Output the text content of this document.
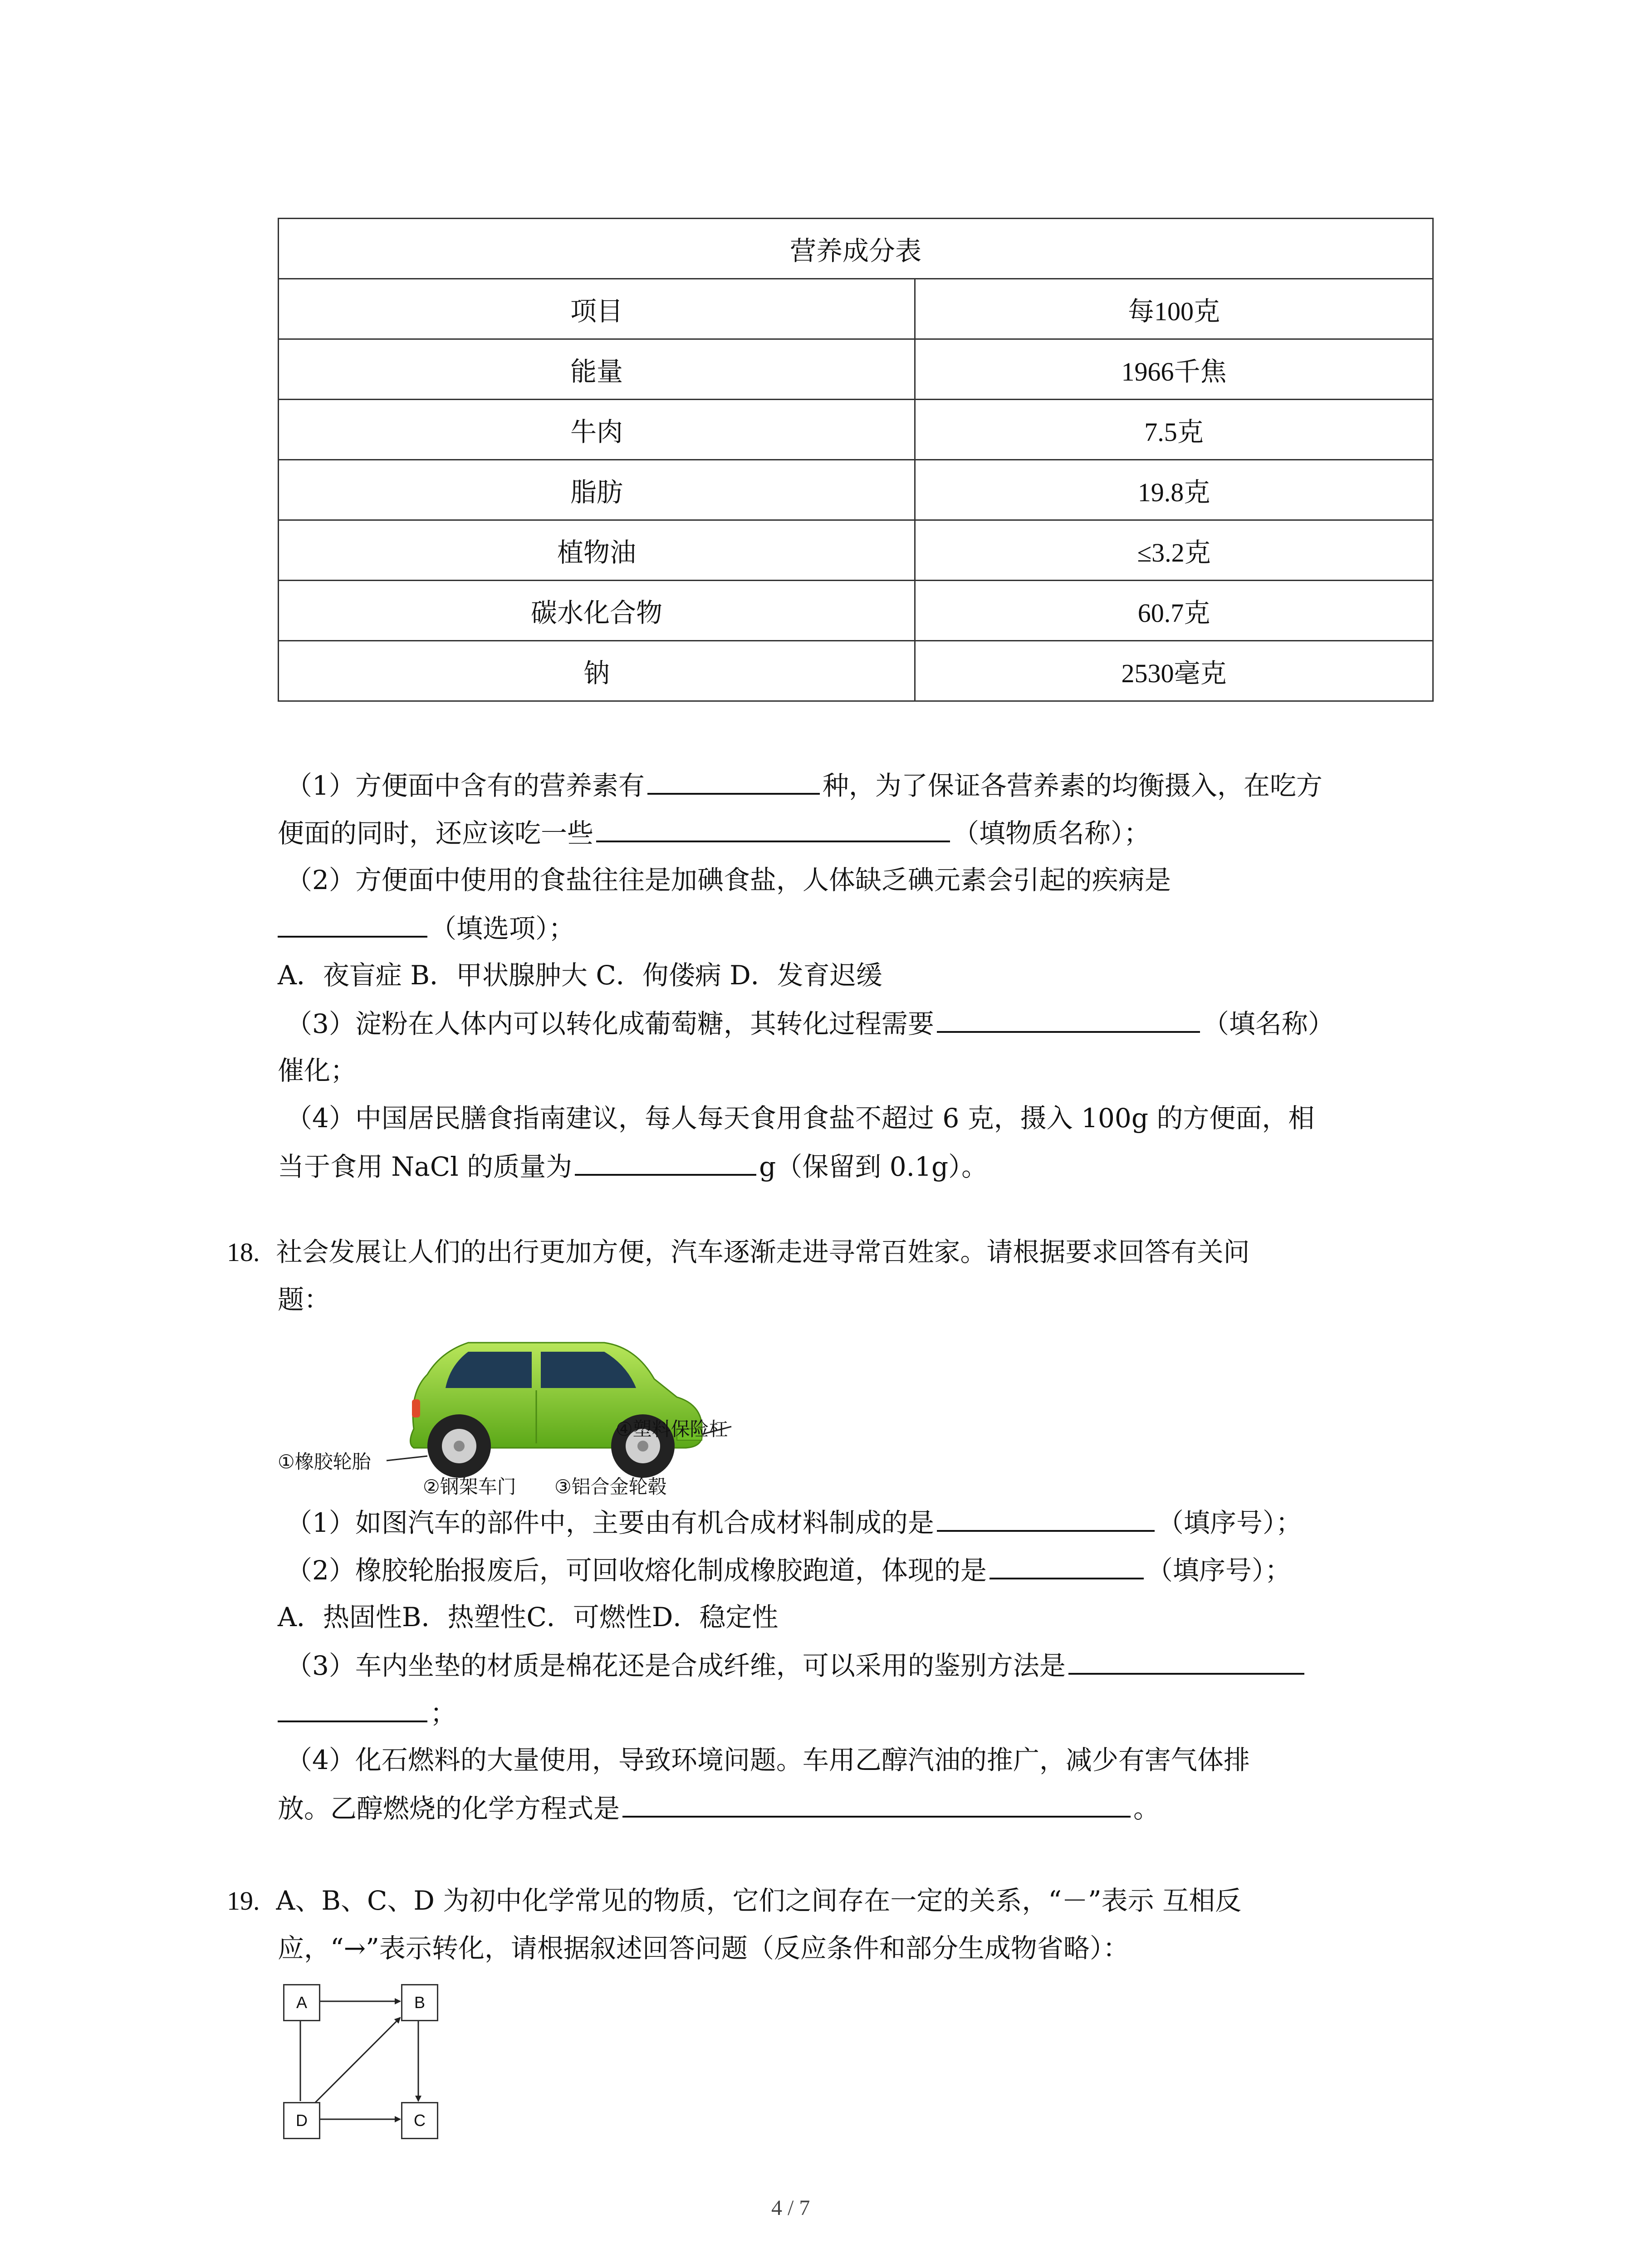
营养成分表	
项目	每100克
能量	1966千焦
牛肉	7.5克
脂肪	19.8克
植物油	≤3.2克
碳水化合物	60.7克
钠	2530毫克
（1）方便面中含有的营养素有	种，为了保证各营养素的均衡摄入，在吃方
便面的同时，还应该吃一些	（填物质名称）；
（2）方便面中使用的食盐往往是加碘食盐，人体缺乏碘元素会引起的疾病是
（填选项）；
A．夜盲症 B．甲状腺肿大 C．佝偻病 D．发育迟缓
（3）淀粉在人体内可以转化成葡萄糖，其转化过程需要	（填名称）
催化；
（4）中国居民膳食指南建议，每人每天食用食盐不超过 6 克，摄入 100g 的方便面，相
当于食用 NaCl 的质量为	g（保留到 0.1g）。
18. 社会发展让人们的出行更加方便，汽车逐渐走进寻常百姓家。请根据要求回答有关问
题：
①橡胶轮胎
②钢架车门 ③铝合金轮毂
④塑料保险杠
（1）如图汽车的部件中，主要由有机合成材料制成的是	（填序号）；
（2）橡胶轮胎报废后，可回收熔化制成橡胶跑道，体现的是	（填序号）；
A．热固性B．热塑性C．可燃性D．稳定性
（3）车内坐垫的材质是棉花还是合成纤维，可以采用的鉴别方法是
；
（4）化石燃料的大量使用，导致环境问题。车用乙醇汽油的推广，减少有害气体排
放。乙醇燃烧的化学方程式是	。
19. A、B、C、D 为初中化学常见的物质，它们之间存在一定的关系，“－”表示 互相反
应，“→”表示转化，请根据叙述回答问题（反应条件和部分生成物省略）：
A	B
C
D
4 / 7
